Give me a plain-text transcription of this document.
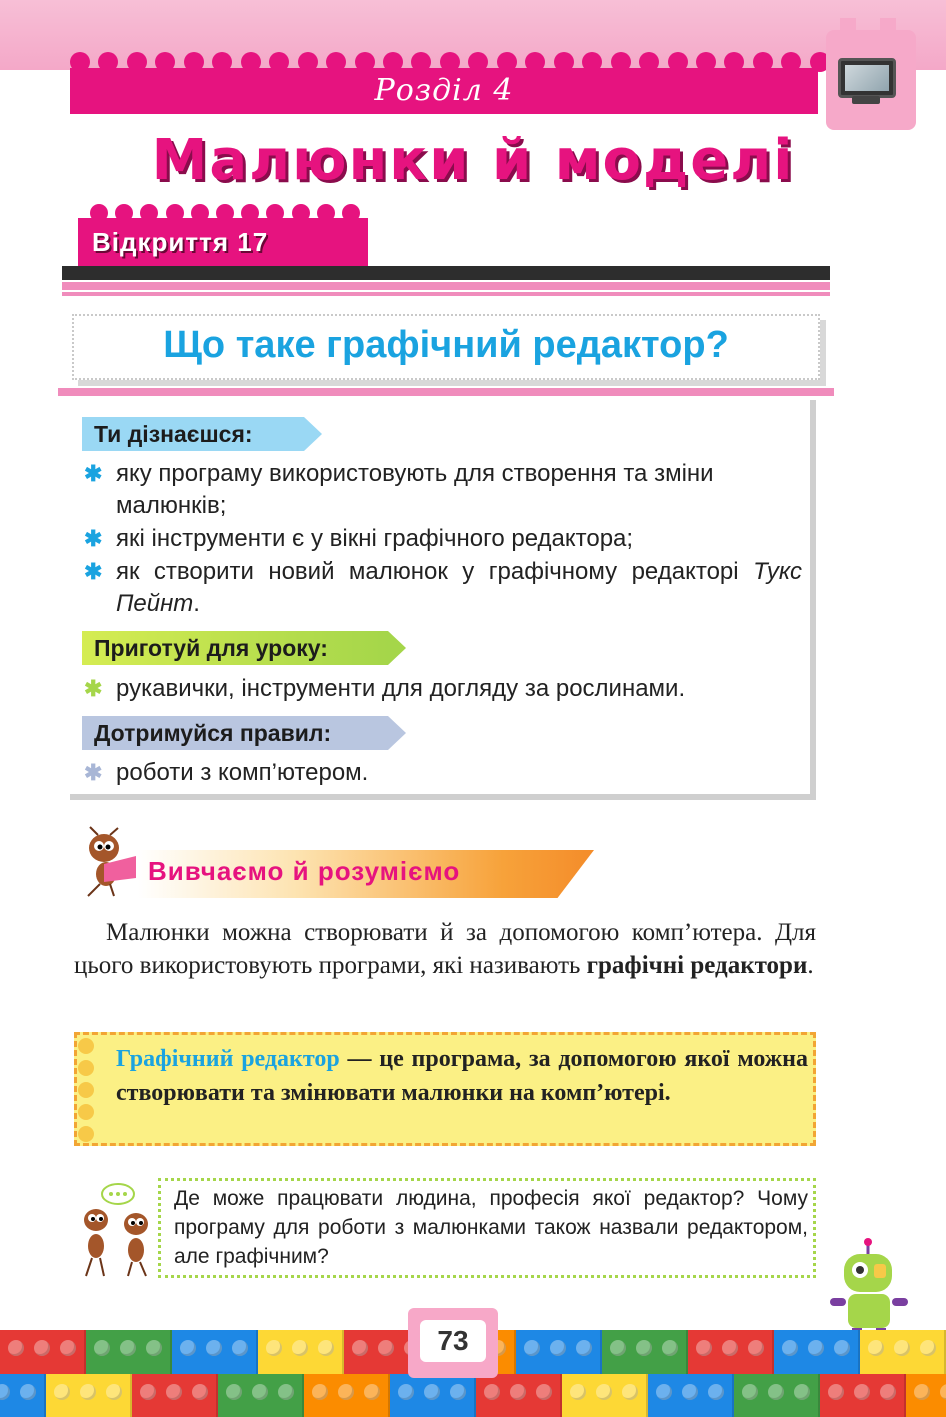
Розділ 4
Малюнки й моделі
Відкриття 17
Що таке графічний редактор?
Ти дізнаєшся:
✱ яку програму використовують для створення та зміни малюнків;
✱ які інструменти є у вікні графічного редактора;
✱ як створити новий малюнок у графічному редакторі Тукс Пейнт.
Приготуй для уроку:
✱ рукавички, інструменти для догляду за рослинами.
Дотримуйся правил:
✱ роботи з комп’ютером.
Вивчаємо й розуміємо
Малюнки можна створювати й за допомогою комп’ютера. Для цього використовують програми, які називають графічні редактори.
Графічний редактор — це програма, за допомогою якої можна створювати та змінювати малюнки на комп’ютері.
Де може працювати людина, професія якої редактор? Чому програму для роботи з малюнками також назвали редактором, але графічним?
73
